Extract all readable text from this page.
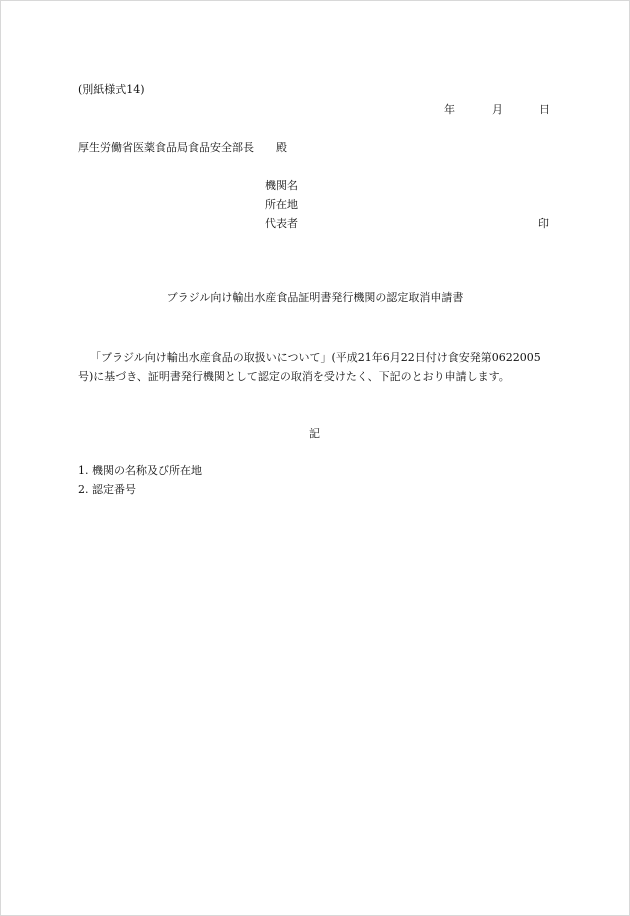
(別紙様式14)
年	月	日
厚生労働省医薬食品局食品安全部長 殿
機関名
所在地
代表者	印
ブラジル向け輸出水産食品証明書発行機関の認定取消申請書
「ブラジル向け輸出水産食品の取扱いについて」(平成21年6月22日付け食安発第0622005
号)に基づき、証明書発行機関として認定の取消を受けたく、下記のとおり申請します。
記
1. 機関の名称及び所在地
2. 認定番号
